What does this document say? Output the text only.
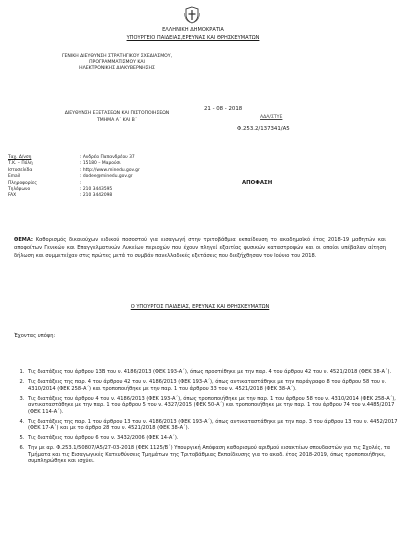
ΕΛΛΗΝΙΚΗ ΔΗΜΟΚΡΑΤΙΑ
ΥΠΟΥΡΓΕΙΟ ΠΑΙΔΕΙΑΣ,ΕΡΕΥΝΑΣ ΚΑΙ ΘΡΗΣΚΕΥΜΑΤΩΝ
ΓΕΝΙΚΗ ΔΙΕΥΘΥΝΣΗ ΣΤΡΑΤΗΓΙΚΟΥ ΣΧΕΔΙΑΣΜΟΥ,
ΠΡΟΓΡΑΜΜΑΤΙΣΜΟΥ ΚΑΙ
ΗΛΕΚΤΡΟΝΙΚΗΣ ΔΙΑΚΥΒΕΡΝΗΣΗΣ
ΔΙΕΥΘΥΝΣΗ ΕΞΕΤΑΣΕΩΝ ΚΑΙ ΠΙΣΤΟΠΟΙΗΣΕΩΝ
ΤΜΗΜΑ Α΄ ΚΑΙ Β΄
21 - 08 - 2018
ΑΔΑ/ΣΤΥΕ
Φ.253.2/137341/Α5
ΑΠΟΦΑΣΗ
Ταχ. Δ/νση	: Ανδρέα Παπανδρέου 37
Τ.Κ. – Πόλη	: 15180 – Μαρούσι
Ιστοσελίδα	: http://www.minedu.gov.gr
Email	: dodee@minedu.gov.gr
Πληροφορίες	:
Τηλέφωνο	: 210 3443595
FAX	: 210 3442098
ΘΕΜΑ: Καθορισμός δικαιούχων ειδικού ποσοστού για εισαγωγή στην τριτοβάθμια εκπαίδευση το ακαδημαϊκό έτος 2018-19 μαθητών και αποφοίτων Γενικών και Επαγγελματικών Λυκείων περιοχών που έχουν πληγεί εξαιτίας φυσικών καταστροφών και οι οποίοι υπέβαλαν αίτηση δήλωση και συμμετείχαν στις πρώτες μετά το συμβάν πανελλαδικές εξετάσεις που διεξήχθησαν τον Ιούνιο του 2018.
Ο ΥΠΟΥΡΓΟΣ ΠΑΙΔΕΙΑΣ, ΕΡΕΥΝΑΣ ΚΑΙ ΘΡΗΣΚΕΥΜΑΤΩΝ
Έχοντας υπόψη:
1. Τις διατάξεις του άρθρου 13Β του ν. 4186/2013 (ΦΕΚ 193-Α΄), όπως προστέθηκε με την παρ. 4 του άρθρου 42 του ν. 4521/2018 (ΦΕΚ 38-Α΄).
2. Τις διατάξεις της παρ. 4 του άρθρου 42 του ν. 4186/2013 (ΦΕΚ 193-Α΄), όπως αντικαταστάθηκε με την παράγραφο 8 του άρθρου 58 του ν. 4310/2014 (ΦΕΚ 258-Α΄) και τροποποιήθηκε με την παρ. 1 του άρθρου 33 του ν. 4521/2018 (ΦΕΚ 38-Α΄).
3. Τις διατάξεις του άρθρου 4 του ν. 4186/2013 (ΦΕΚ 193-Α΄), όπως τροποποιήθηκε με την παρ. 1 του άρθρου 58 του ν. 4310/2014 (ΦΕΚ 258-Α΄), αντικαταστάθηκε με την παρ. 1 του άρθρου 5 του ν. 4327/2015 (ΦΕΚ 50-Α΄) και τροποποιήθηκε με την παρ. 1 του άρθρου 74 του ν.4485/2017 (ΦΕΚ 114-Α΄).
4. Τις διατάξεις της παρ. 1 του άρθρου 13 του ν. 4186/2013 (ΦΕΚ 193-Α΄), όπως αντικαταστάθηκε με την παρ. 3 του άρθρου 13 του ν. 4452/2017 (ΦΕΚ 17-Α΄) και με το άρθρο 28 του ν. 4521/2018 (ΦΕΚ 38-Α΄).
5. Τις διατάξεις του άρθρου 6 του ν. 3432/2006 (ΦΕΚ 14-Α΄).
6. Την με αρ. Φ.253.1/50807/Α5/27-03-2018 (ΦΕΚ 1125/Β΄) Υπουργική Απόφαση καθορισμού αριθμού εισακτέων σπουδαστών για τις Σχολές, τα Τμήματα και τις Εισαγωγικές Κατευθύνσεις Τμημάτων της Τριτοβάθμιας Εκπαίδευσης για το ακαδ. έτος 2018-2019, όπως τροποποιήθηκε, συμπληρώθηκε και ισχύει.
